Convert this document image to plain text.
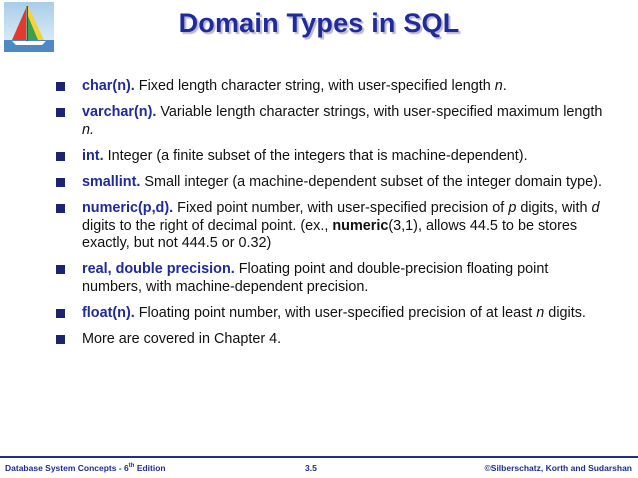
Domain Types in SQL
char(n). Fixed length character string, with user-specified length n.
varchar(n). Variable length character strings, with user-specified maximum length n.
int. Integer (a finite subset of the integers that is machine-dependent).
smallint. Small integer (a machine-dependent subset of the integer domain type).
numeric(p,d). Fixed point number, with user-specified precision of p digits, with d digits to the right of decimal point. (ex., numeric(3,1), allows 44.5 to be stores exactly, but not 444.5 or 0.32)
real, double precision. Floating point and double-precision floating point numbers, with machine-dependent precision.
float(n). Floating point number, with user-specified precision of at least n digits.
More are covered in Chapter 4.
Database System Concepts - 6th Edition	3.5	©Silberschatz, Korth and Sudarshan
